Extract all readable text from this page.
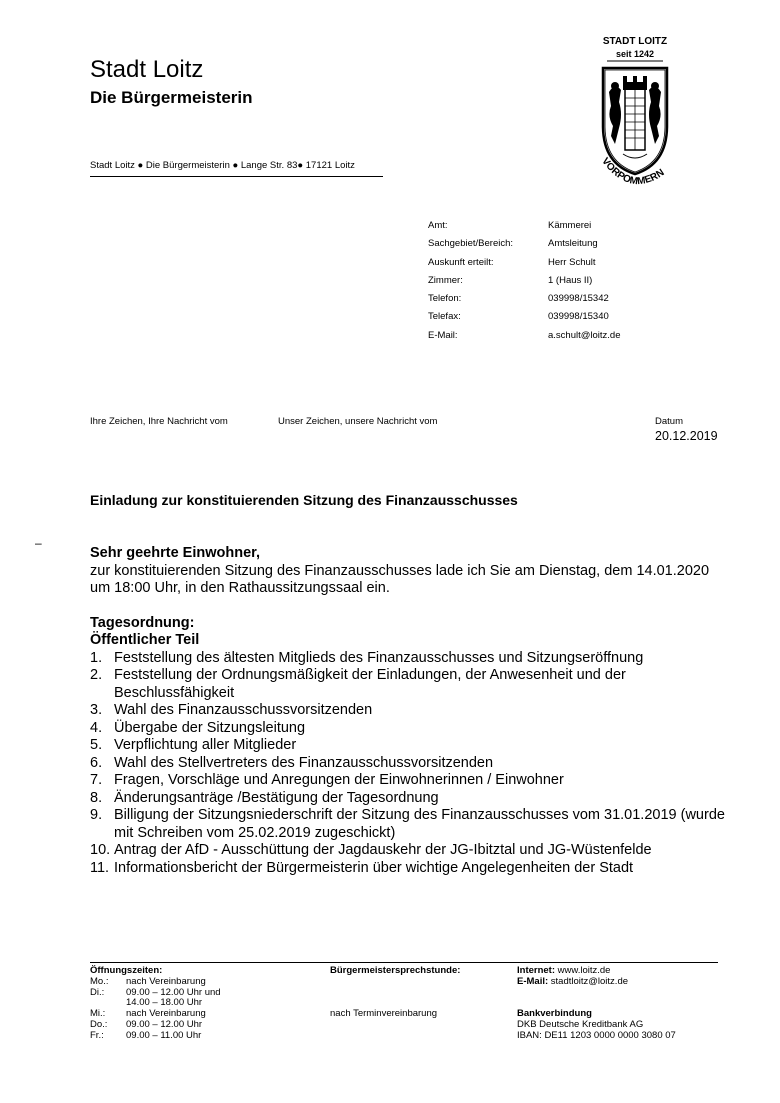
Stadt Loitz
Die Bürgermeisterin
Stadt Loitz ● Die Bürgermeisterin ● Lange Str. 83● 17121 Loitz
STADT LOITZ
seit 1242
VORPOMMERN
Amt:	Kämmerei
Sachgebiet/Bereich:	Amtsleitung
Auskunft erteilt:	Herr Schult
Zimmer:	1 (Haus II)
Telefon:	039998/15342
Telefax:	039998/15340
E-Mail:	a.schult@loitz.de
Ihre Zeichen, Ihre Nachricht vom	Unser Zeichen, unsere Nachricht vom	Datum
20.12.2019
Einladung zur konstituierenden Sitzung des Finanzausschusses
–
Sehr geehrte Einwohner,
zur konstituierenden Sitzung des Finanzausschusses lade ich Sie am Dienstag, dem 14.01.2020 um 18:00 Uhr, in den Rathaussitzungssaal ein.
Tagesordnung:
Öffentlicher Teil
1. Feststellung des ältesten Mitglieds des Finanzausschusses und Sitzungseröffnung
2. Feststellung der Ordnungsmäßigkeit der Einladungen, der Anwesenheit und der Beschlussfähigkeit
3. Wahl des Finanzausschussvorsitzenden
4. Übergabe der Sitzungsleitung
5. Verpflichtung aller Mitglieder
6. Wahl des Stellvertreters des Finanzausschussvorsitzenden
7. Fragen, Vorschläge und Anregungen der Einwohnerinnen / Einwohner
8. Änderungsanträge /Bestätigung der Tagesordnung
9. Billigung der Sitzungsniederschrift der Sitzung des Finanzausschusses vom 31.01.2019 (wurde mit Schreiben vom 25.02.2019 zugeschickt)
10. Antrag der AfD - Ausschüttung der Jagdauskehr der JG-Ibitztal und JG-Wüstenfelde
11. Informationsbericht der Bürgermeisterin über wichtige Angelegenheiten der Stadt
Öffnungszeiten:
Mo.:	nach Vereinbarung
Di.:	09.00 – 12.00 Uhr und
14.00 – 18.00 Uhr
Mi.:	nach Vereinbarung
Do.:	09.00 – 12.00 Uhr
Fr.:	09.00 – 11.00 Uhr
Bürgermeistersprechstunde:
nach Terminvereinbarung
Internet: www.loitz.de
E-Mail: stadtloitz@loitz.de
Bankverbindung
DKB Deutsche Kreditbank AG
IBAN: DE11 1203 0000 0000 3080 07
